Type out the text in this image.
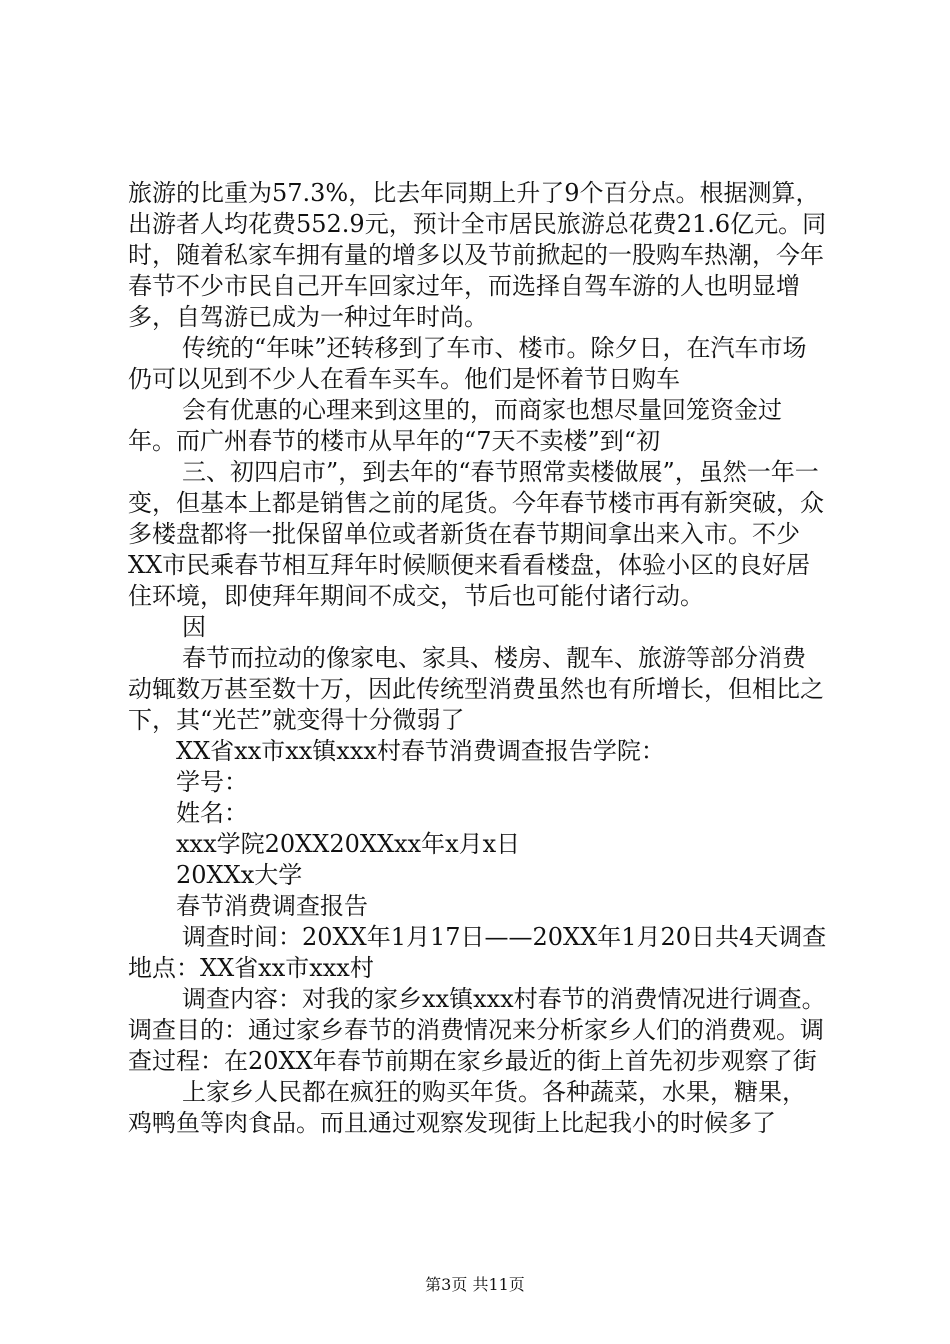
旅游的比重为57.3%，比去年同期上升了9个百分点。根据测算，出游者人均花费552.9元，预计全市居民旅游总花费21.6亿元。同时，随着私家车拥有量的增多以及节前掀起的一股购车热潮，今年春节不少市民自己开车回家过年，而选择自驾车游的人也明显增多，自驾游已成为一种过年时尚。

传统的“年味”还转移到了车市、楼市。除夕日，在汽车市场仍可以见到不少人在看车买车。他们是怀着节日购车

会有优惠的心理来到这里的，而商家也想尽量回笼资金过年。而广州春节的楼市从早年的“7天不卖楼”到“初

三、初四启市”，到去年的“春节照常卖楼做展”，虽然一年一变，但基本上都是销售之前的尾货。今年春节楼市再有新突破，众多楼盘都将一批保留单位或者新货在春节期间拿出来入市。不少XX市民乘春节相互拜年时候顺便来看看楼盘，体验小区的良好居住环境，即使拜年期间不成交，节后也可能付诸行动。

因

春节而拉动的像家电、家具、楼房、靓车、旅游等部分消费动辄数万甚至数十万，因此传统型消费虽然也有所增长，但相比之下，其“光芒”就变得十分微弱了

XX省xx市xx镇xxx村春节消费调查报告学院：

学号：

姓名：

xxx学院20XX20XXxx年x月x日

20XXx大学

春节消费调查报告

调查时间：20XX年1月17日——20XX年1月20日共4天调查地点：XX省xx市xxx村

调查内容：对我的家乡xx镇xxx村春节的消费情况进行调查。调查目的：通过家乡春节的消费情况来分析家乡人们的消费观。调查过程：在20XX年春节前期在家乡最近的街上首先初步观察了街

上家乡人民都在疯狂的购买年货。各种蔬菜，水果，糖果，鸡鸭鱼等肉食品。而且通过观察发现街上比起我小的时候多了

第3页 共11页
